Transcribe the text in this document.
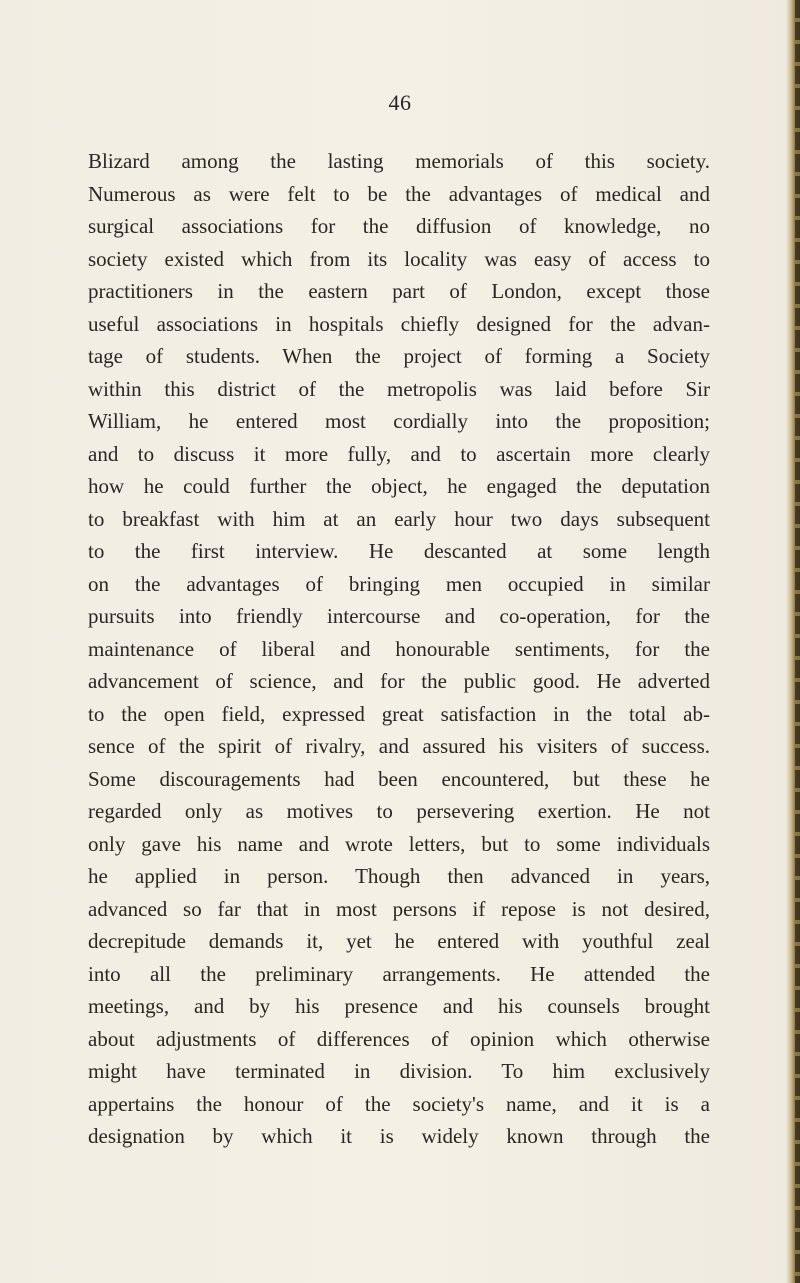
46
Blizard among the lasting memorials of this society.
Numerous as were felt to be the advantages of medical and
surgical associations for the diffusion of knowledge, no
society existed which from its locality was easy of access to
practitioners in the eastern part of London, except those
useful associations in hospitals chiefly designed for the advan-
tage of students. When the project of forming a Society
within this district of the metropolis was laid before Sir
William, he entered most cordially into the proposition;
and to discuss it more fully, and to ascertain more clearly
how he could further the object, he engaged the deputation
to breakfast with him at an early hour two days subsequent
to the first interview. He descanted at some length
on the advantages of bringing men occupied in similar
pursuits into friendly intercourse and co-operation, for the
maintenance of liberal and honourable sentiments, for the
advancement of science, and for the public good. He adverted
to the open field, expressed great satisfaction in the total ab-
sence of the spirit of rivalry, and assured his visiters of success.
Some discouragements had been encountered, but these he
regarded only as motives to persevering exertion. He not
only gave his name and wrote letters, but to some individuals
he applied in person. Though then advanced in years,
advanced so far that in most persons if repose is not desired,
decrepitude demands it, yet he entered with youthful zeal
into all the preliminary arrangements. He attended the
meetings, and by his presence and his counsels brought
about adjustments of differences of opinion which otherwise
might have terminated in division. To him exclusively
appertains the honour of the society's name, and it is a
designation by which it is widely known through the
